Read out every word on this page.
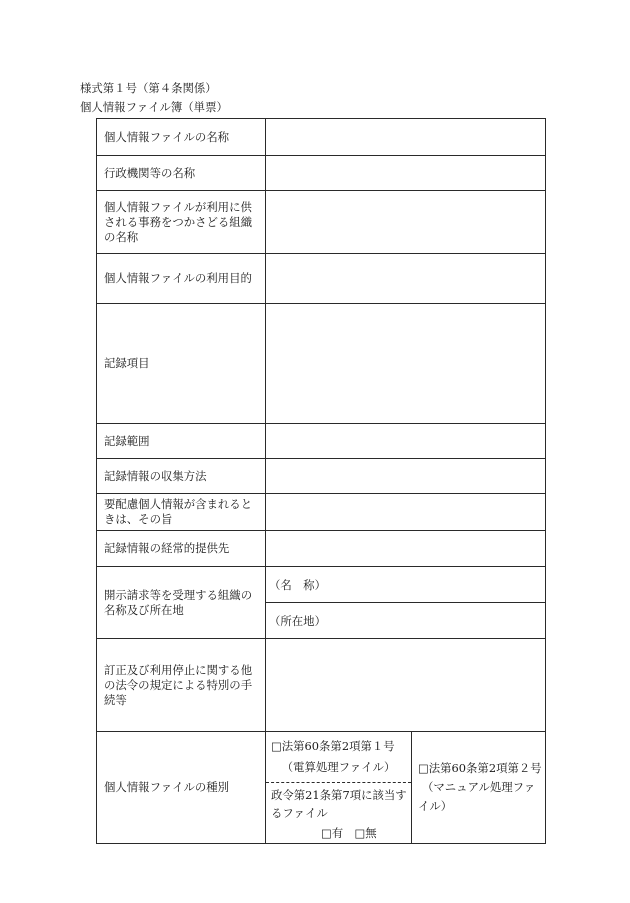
様式第１号（第４条関係）
個人情報ファイル簿（単票）
個人情報ファイルの名称
行政機関等の名称
個人情報ファイルが利用に供される事務をつかさどる組織の名称
個人情報ファイルの利用目的
記録項目
記録範囲
記録情報の収集方法
要配慮個人情報が含まれるときは、その旨
記録情報の経常的提供先
開示請求等を受理する組織の名称及び所在地
（名　称）
（所在地）
訂正及び利用停止に関する他の法令の規定による特別の手続等
個人情報ファイルの種別
□法第60条第2項第１号
（電算処理ファイル）
政令第21条第7項に該当するファイル
□有　□無
□法第60条第2項第２号
（マニュアル処理ファイル）
